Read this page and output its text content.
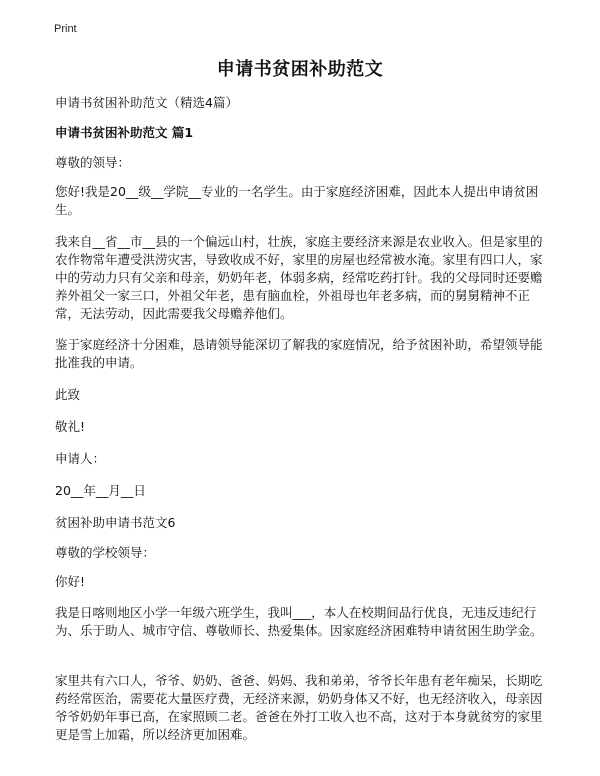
Print
申请书贫困补助范文

申请书贫困补助范文（精选4篇）

申请书贫困补助范文 篇1

尊敬的领导：

您好!我是20__级__学院__专业的一名学生。由于家庭经济困难，因此本人提出申请贫困生。

我来自__省__市__县的一个偏远山村，壮族，家庭主要经济来源是农业收入。但是家里的农作物常年遭受洪涝灾害，导致收成不好，家里的房屋也经常被水淹。家里有四口人，家中的劳动力只有父亲和母亲，奶奶年老，体弱多病，经常吃药打针。我的父母同时还要赡养外祖父一家三口，外祖父年老，患有脑血栓，外祖母也年老多病，而的舅舅精神不正常，无法劳动，因此需要我父母赡养他们。

鉴于家庭经济十分困难，恳请领导能深切了解我的家庭情况，给予贫困补助，希望领导能批准我的申请。

此致

敬礼!

申请人：

20__年__月__日

贫困补助申请书范文6

尊敬的学校领导：

你好!

我是日喀则地区小学一年级六班学生，我叫___，本人在校期间品行优良，无违反违纪行为、乐于助人、城市守信、尊敬师长、热爱集体。因家庭经济困难特申请贫困生助学金。

家里共有六口人，爷爷、奶奶、爸爸、妈妈、我和弟弟，爷爷长年患有老年痴呆，长期吃药经常医治，需要花大量医疗费，无经济来源，奶奶身体又不好，也无经济收入，母亲因爷爷奶奶年事已高，在家照顾二老。爸爸在外打工收入也不高，这对于本身就贫穷的家里更是雪上加霜，所以经济更加困难。
